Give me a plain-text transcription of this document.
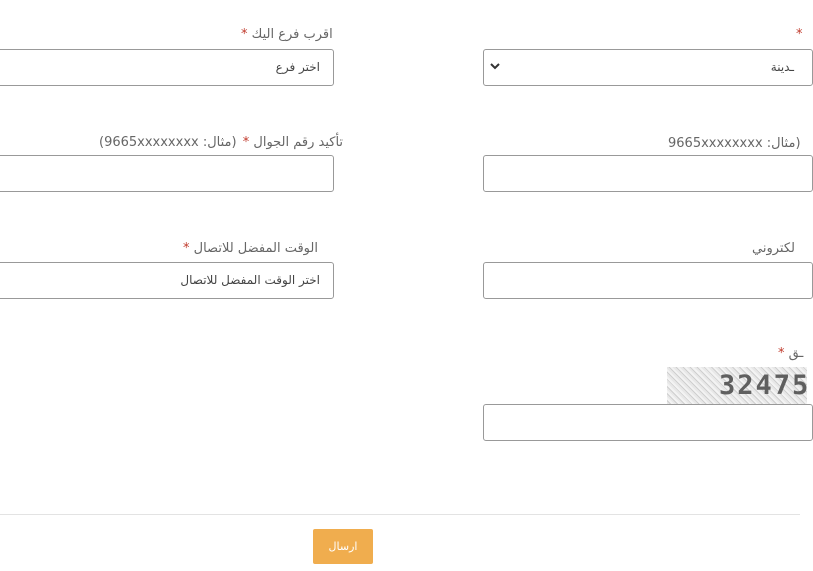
*
ـدينة
(مثال: 9665xxxxxxxx
لكتروني
ـق *
32475
اقرب فرع اليك *
اختر فرع
تأكيد رقم الجوال * (مثال: 9665xxxxxxxx)
الوقت المفضل للاتصال *
اختر الوقت المفضل للاتصال
ارسال
